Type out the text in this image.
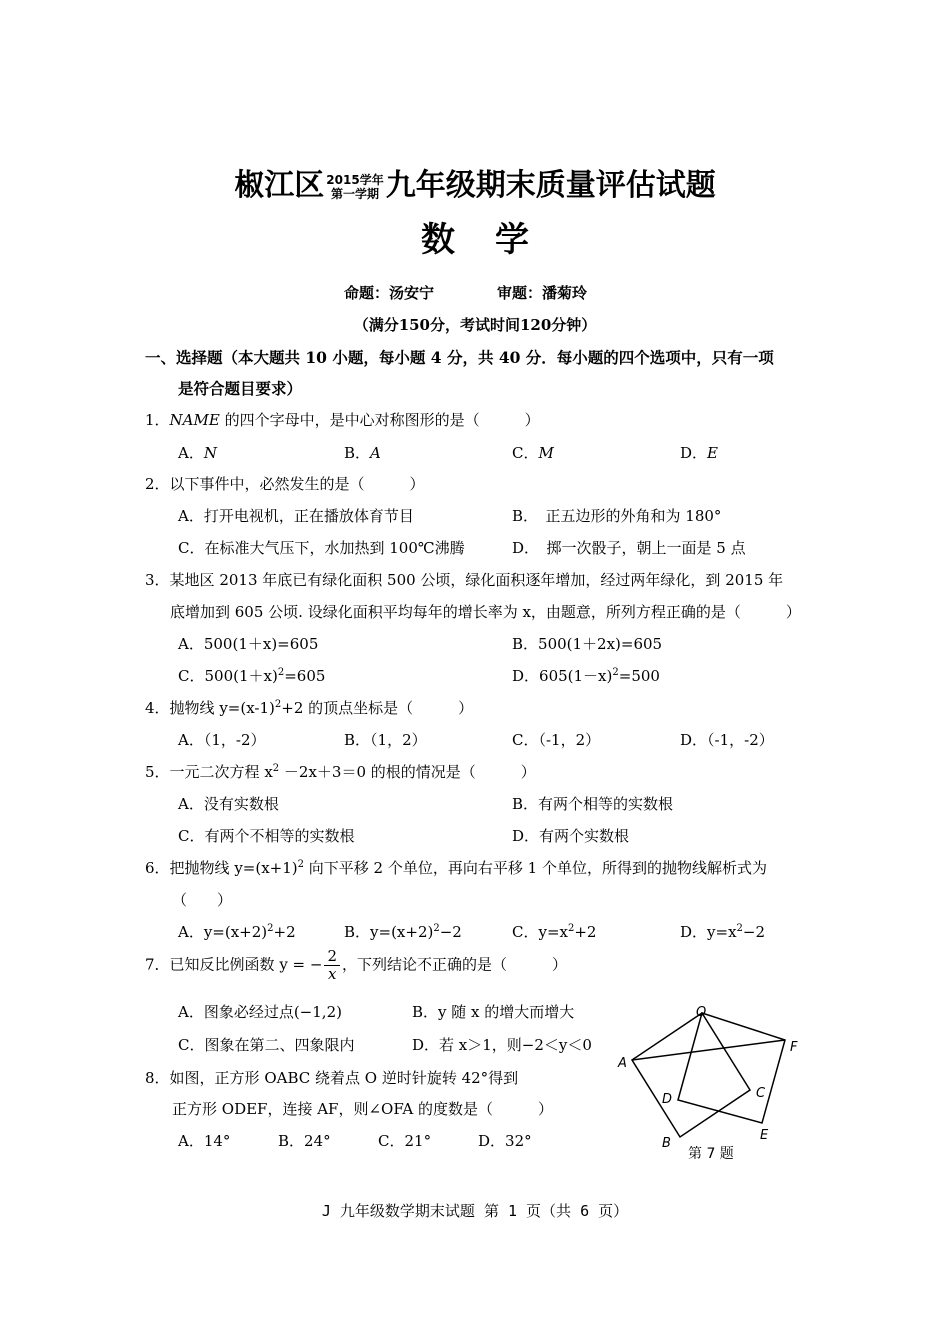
椒江区 2015学年
第一学期 九年级期末质量评估试题
数学
命题：汤安宁	审题：潘菊玲
（满分150分，考试时间120分钟）
一、选择题（本大题共 10 小题，每小题 4 分，共 40 分．每小题的四个选项中，只有一项
是符合题目要求）
1．NAME 的四个字母中，是中心对称图形的是（　　　）
A．N	B．A	C．M	D．E
2．以下事件中，必然发生的是（　　　）
A．打开电视机，正在播放体育节目	B．　正五边形的外角和为 180°
C．在标准大气压下，水加热到 100℃沸腾	D．　掷一次骰子，朝上一面是 5 点
3．某地区 2013 年底已有绿化面积 500 公顷，绿化面积逐年增加，经过两年绿化，到 2015 年
底增加到 605 公顷. 设绿化面积平均每年的增长率为 x，由题意，所列方程正确的是（　　　）
A．500(1＋x)=605	B．500(1＋2x)=605
C．$500(1+x)^2=605$	D．$605(1-x)^2=500$
4．抛物线 $y=(x-1)^2+2$ 的顶点坐标是（　　　）
A．（1，-2）	B．（1，2）	C．（-1，2）	D．（-1，-2）
5．一元二次方程 $x^2 -2x+3=0$ 的根的情况是（　　　）
A．没有实数根	B．有两个相等的实数根
C．有两个不相等的实数根	D．有两个实数根
6．把抛物线 $y=(x+1)^2$ 向下平移 2 个单位，再向右平移 1 个单位，所得到的抛物线解析式为
（　　）
A．$y=(x+2)^2+2$	B．$y=(x+2)^2-2$	C．$y=x^2+2$	D．$y=x^2-2$
7．已知反比例函数 y = − $\frac{2}{x}$ ，下列结论不正确的是（　　　）
A．图象必经过点(−1,2)	B．y 随 x 的增大而增大
C．图象在第二、四象限内	D．若 x＞1，则−2＜y＜0
8．如图，正方形 OABC 绕着点 O 逆时针旋转 42°得到
正方形 ODEF，连接 AF，则∠OFA 的度数是（　　　）
A．14°	B．24°	C．21°	D．32°
O
A
B
C
D
E
F
第 7 题
J 九年级数学期末试题 第 1 页（共 6 页）
